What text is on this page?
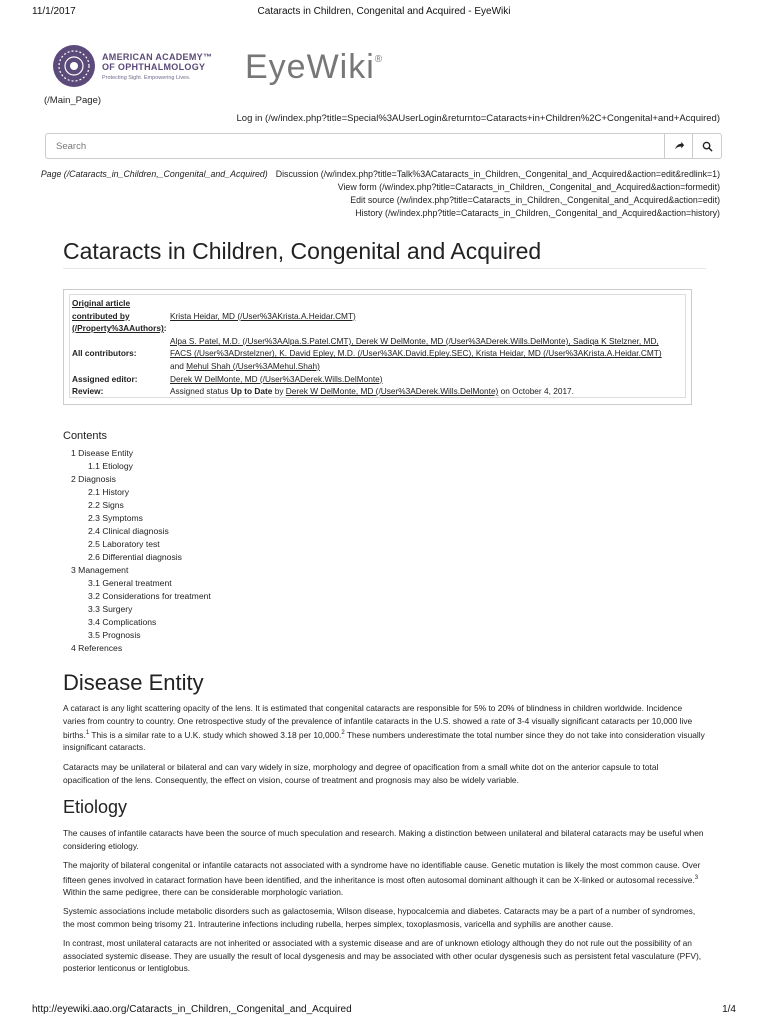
11/1/2017	Cataracts in Children, Congenital and Acquired - EyeWiki
AMERICAN ACADEMY™
OF OPHTHALMOLOGY
Protecting Sight. Empowering Lives. EyeWiki®
(/Main_Page)
Log in (/w/index.php?title=Special%3AUserLogin&returnto=Cataracts+in+Children%2C+Congenital+and+Acquired)
Search
Page (/Cataracts_in_Children,_Congenital_and_Acquired) Discussion (/w/index.php?title=Talk%3ACataracts_in_Children,_Congenital_and_Acquired&action=edit&redlink=1)
View form (/w/index.php?title=Cataracts_in_Children,_Congenital_and_Acquired&action=formedit)
Edit source (/w/index.php?title=Cataracts_in_Children,_Congenital_and_Acquired&action=edit)
History (/w/index.php?title=Cataracts_in_Children,_Congenital_and_Acquired&action=history)
Cataracts in Children, Congenital and Acquired
Original article
contributed by
(/Property%3AAuthors):
Krista Heidar, MD (/User%3AKrista.A.Heidar.CMT)
All contributors:
Alpa S. Patel, M.D. (/User%3AAlpa.S.Patel.CMT), Derek W DelMonte, MD (/User%3ADerek.Wills.DelMonte), Sadiqa K Stelzner, MD,
FACS (/User%3ADrstelzner), K. David Epley, M.D. (/User%3AK.David.Epley.SEC), Krista Heidar, MD (/User%3AKrista.A.Heidar.CMT)
and Mehul Shah (/User%3AMehul.Shah)
Assigned editor:	Derek W DelMonte, MD (/User%3ADerek.Wills.DelMonte)
Review:	Assigned status Up to Date by Derek W DelMonte, MD (/User%3ADerek.Wills.DelMonte) on October 4, 2017.
Contents
1 Disease Entity
1.1 Etiology
2 Diagnosis
2.1 History
2.2 Signs
2.3 Symptoms
2.4 Clinical diagnosis
2.5 Laboratory test
2.6 Differential diagnosis
3 Management
3.1 General treatment
3.2 Considerations for treatment
3.3 Surgery
3.4 Complications
3.5 Prognosis
4 References
Disease Entity
A cataract is any light scattering opacity of the lens. It is estimated that congenital cataracts are responsible for 5% to 20% of blindness in children worldwide. Incidence varies from country to country. One retrospective study of the prevalence of infantile cataracts in the U.S. showed a rate of 3-4 visually significant cataracts per 10,000 live births.$^1$ This is a similar rate to a U.K. study which showed 3.18 per 10,000.$^2$ These numbers underestimate the total number since they do not take into consideration visually insignificant cataracts.
Cataracts may be unilateral or bilateral and can vary widely in size, morphology and degree of opacification from a small white dot on the anterior capsule to total opacification of the lens. Consequently, the effect on vision, course of treatment and prognosis may also be widely variable.
Etiology
The causes of infantile cataracts have been the source of much speculation and research. Making a distinction between unilateral and bilateral cataracts may be useful when considering etiology.
The majority of bilateral congenital or infantile cataracts not associated with a syndrome have no identifiable cause. Genetic mutation is likely the most common cause. Over fifteen genes involved in cataract formation have been identified, and the inheritance is most often autosomal dominant although it can be X-linked or autosomal recessive.$^3$ Within the same pedigree, there can be considerable morphologic variation.
Systemic associations include metabolic disorders such as galactosemia, Wilson disease, hypocalcemia and diabetes. Cataracts may be a part of a number of syndromes, the most common being trisomy 21. Intrauterine infections including rubella, herpes simplex, toxoplasmosis, varicella and syphilis are another cause.
In contrast, most unilateral cataracts are not inherited or associated with a systemic disease and are of unknown etiology although they do not rule out the possibility of an associated systemic disease. They are usually the result of local dysgenesis and may be associated with other ocular dysgenesis such as persistent fetal vasculature (PFV), posterior lenticonus or lentiglobus.
http://eyewiki.aao.org/Cataracts_in_Children,_Congenital_and_Acquired	1/4
